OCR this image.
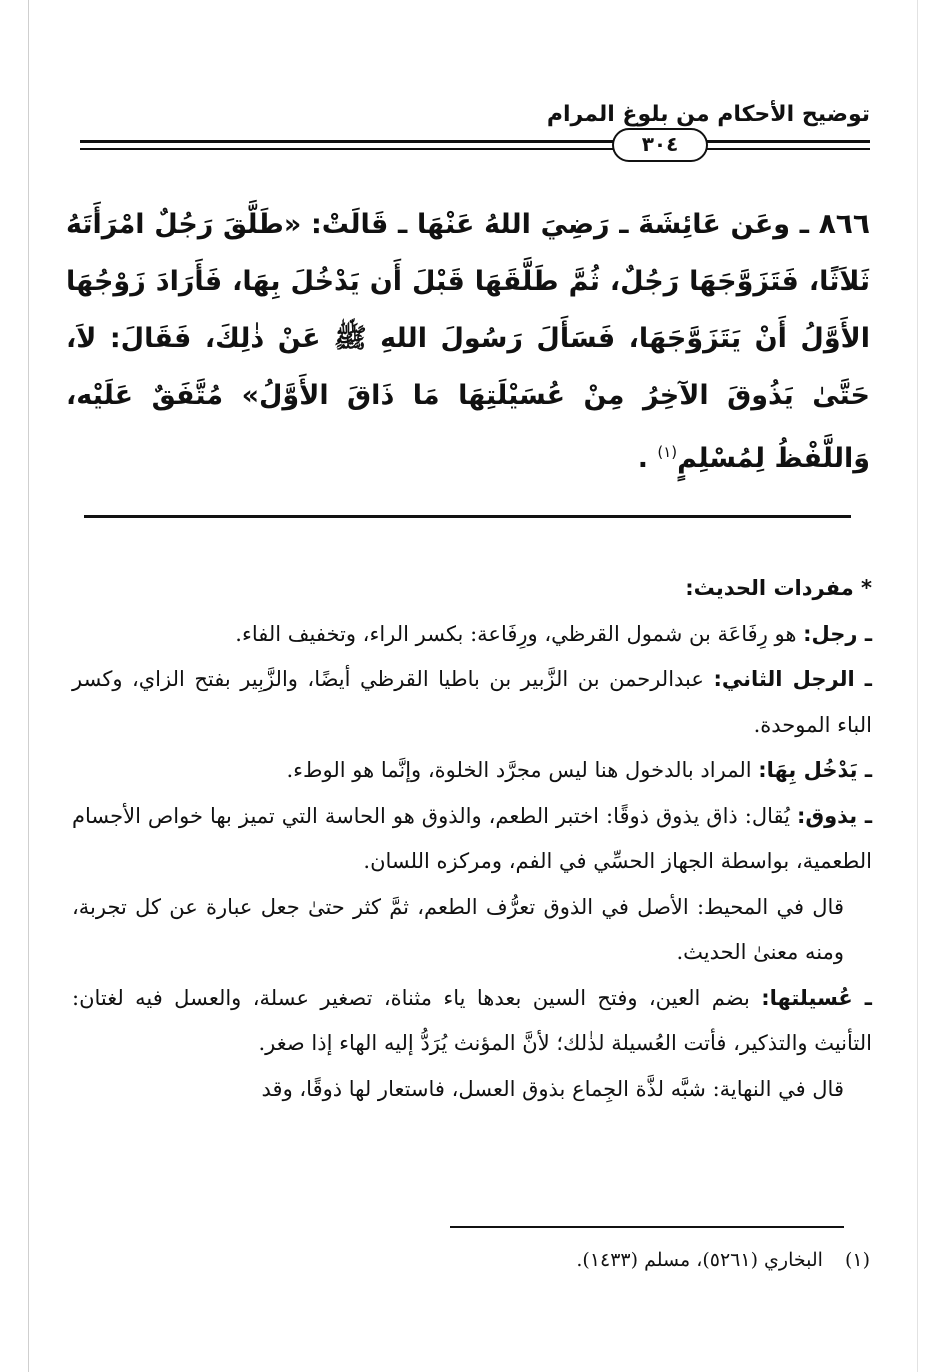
توضيح الأحكام من بلوغ المرام
٣٠٤
٨٦٦ ـ وعَن عَائِشَةَ ـ رَضِيَ اللهُ عَنْهَا ـ قَالَتْ: «طَلَّقَ رَجُلٌ امْرَأَتَهُ ثَلاَثًا، فَتَزَوَّجَهَا رَجُلٌ، ثُمَّ طَلَّقَهَا قَبْلَ أَن يَدْخُلَ بِهَا، فَأَرَادَ زَوْجُهَا الأَوَّلُ أَنْ يَتَزَوَّجَهَا، فَسَأَلَ رَسُولَ اللهِ ﷺ عَنْ ذٰلِكَ، فَقَالَ: لاَ، حَتَّىٰ يَذُوقَ الآخِرُ مِنْ عُسَيْلَتِهَا مَا ذَاقَ الأَوَّلُ» مُتَّفَقٌ عَلَيْه، وَاللَّفْظُ لِمُسْلِمٍ$^{(١)}$ .

* مفردات الحديث:

ـ رجل: هو رِفَاعَة بن شمول القرظي، ورِفَاعة: بكسر الراء، وتخفيف الفاء.

ـ الرجل الثاني: عبدالرحمن بن الزَّبير بن باطيا القرظي أيضًا، والزَّبِير بفتح الزاي، وكسر الباء الموحدة.

ـ يَدْخُل بِهَا: المراد بالدخول هنا ليس مجرَّد الخلوة، وإنَّما هو الوطء.

ـ يذوق: يُقال: ذاق يذوق ذوقًا: اختبر الطعم، والذوق هو الحاسة التي تميز بها خواص الأجسام الطعمية، بواسطة الجهاز الحسِّي في الفم، ومركزه اللسان.

قال في المحيط: الأصل في الذوق تعرُّف الطعم، ثمَّ كثر حتىٰ جعل عبارة عن كل تجربة، ومنه معنىٰ الحديث.

ـ عُسيلتها: بضم العين، وفتح السين بعدها ياء مثناة، تصغير عسلة، والعسل فيه لغتان: التأنيث والتذكير، فأتت العُسيلة لذٰلك؛ لأنَّ المؤنث يُرَدُّ إليه الهاء إذا صغر.

قال في النهاية: شبَّه لذَّة الجِماع بذوق العسل، فاستعار لها ذوقًا، وقد

(١)البخاري (٥٢٦١)، مسلم (١٤٣٣).
